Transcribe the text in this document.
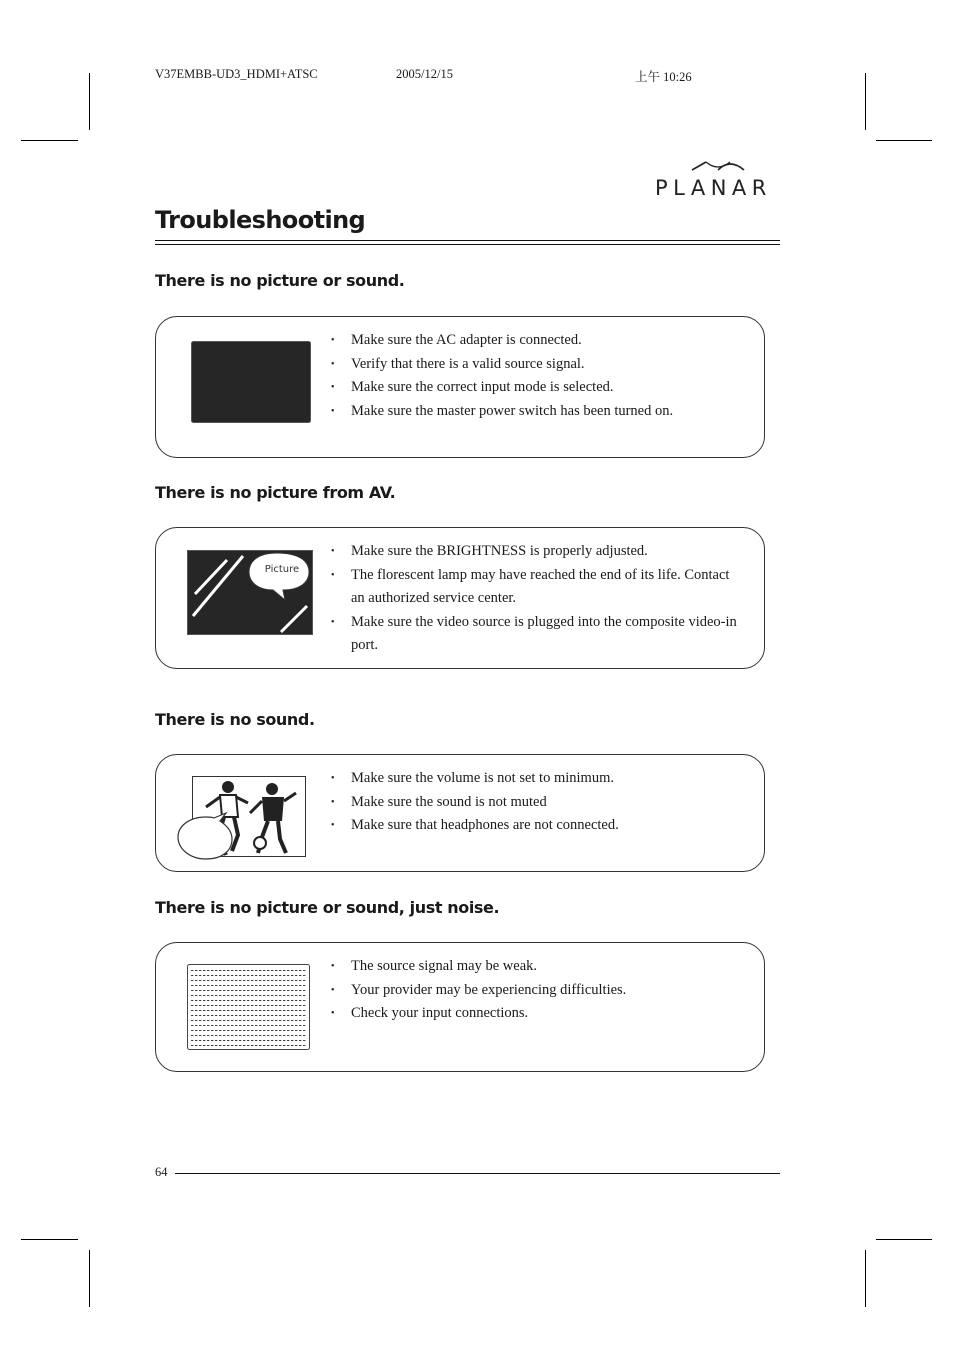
V37EMBB-UD3_HDMI+ATSC	2005/12/15	上午 10:26
PLANAR
Troubleshooting
There is no picture or sound.
• Make sure the AC adapter is connected.
• Verify that there is a valid source signal.
• Make sure the correct input mode is selected.
• Make sure the master power switch has been turned on.
There is no picture from AV.
Picture
• Make sure the BRIGHTNESS is properly adjusted.
• The florescent lamp may have reached the end of its life. Contact an authorized service center.
• Make sure the video source is plugged into the composite video-in port.
There is no sound.
• Make sure the volume is not set to minimum.
• Make sure the sound is not muted
• Make sure that headphones are not connected.
There is no picture or sound, just noise.
• The source signal may be weak.
• Your provider may be experiencing difficulties.
• Check your input connections.
64
